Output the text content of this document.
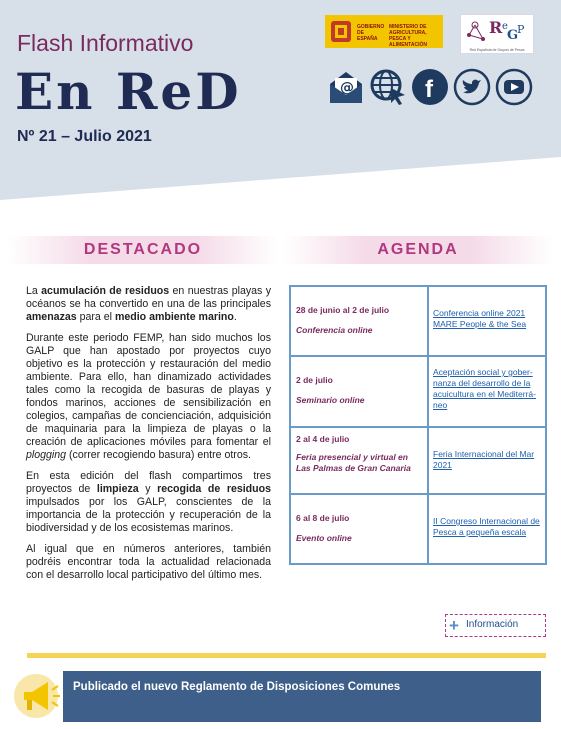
Flash Informativo
En ReD
Nº 21 – Julio 2021
GOBIERNO DE ESPAÑA
MINISTERIO DE AGRICULTURA, PESCA Y ALIMENTACIÓN
R e
G
P
Red Española de Grupos de Pesca
@	f
DESTACADO	AGENDA

La acumulación de residuos en nuestras playas y océanos se ha convertido en una de las principales amenazas para el medio ambiente marino.

Durante este periodo FEMP, han sido muchos los GALP que han apostado por proyectos cuyo objetivo es la protección y restauración del medio ambiente. Para ello, han dinamizado actividades tales como la recogida de basuras de playas y fondos marinos, acciones de sensibilización en colegios, campañas de concienciación, adquisición de maquinaria para la limpieza de playas o la creación de aplicaciones móviles para fomentar el plogging (correr recogiendo basura) entre otros.

En esta edición del flash compartimos tres proyectos de limpieza y recogida de residuos impulsados por los GALP, conscientes de la importancia de la protección y recuperación de la biodiversidad y de los ecosistemas marinos.

Al igual que en números anteriores, también podréis encontrar toda la actualidad relacionada con el desarrollo local participativo del último mes.

28 de junio al 2 de julio
Conferencia online	Conferencia online 2021 MARE People & the Sea

2 de julio
Seminario online	Aceptación social y gober-nanza del desarrollo de la acuicultura en el Mediterrá-neo

2 al 4 de julio
Feria presencial y virtual en Las Palmas de Gran Canaria	Feria Internacional del Mar 2021

6 al 8 de julio
Evento online	II Congreso Internacional de Pesca a pequeña escala
+ Información
Publicado el nuevo Reglamento de Disposiciones Comunes
